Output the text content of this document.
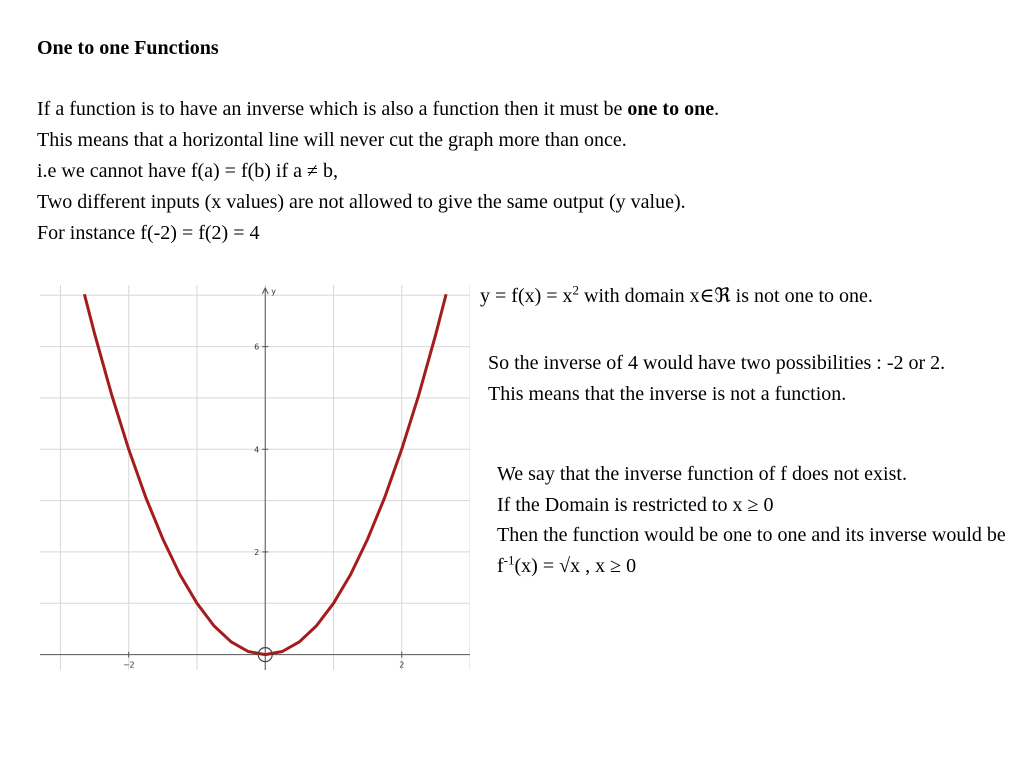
One to one Functions

If a function is to have an inverse which is also a function then it must be one to one.

This means that a horizontal line will never cut the graph more than once.

i.e we cannot have f(a) = f(b) if a ≠ b,

Two different inputs (x values) are not allowed to give the same output (y value).

For instance f(-2) = f(2) = 4

y
−2	2
2
4
6

$y = f(x) = x^2$ with domain x∈ℜ is not one to one.

So the inverse of 4 would have two possibilities : -2 or 2.

This means that the inverse is not a function.

We say that the inverse function of f does not exist.

If the Domain is restricted to x ≥ 0

Then the function would be one to one and its inverse would be

$f^{-1}(x) = √x$ , x ≥ 0
